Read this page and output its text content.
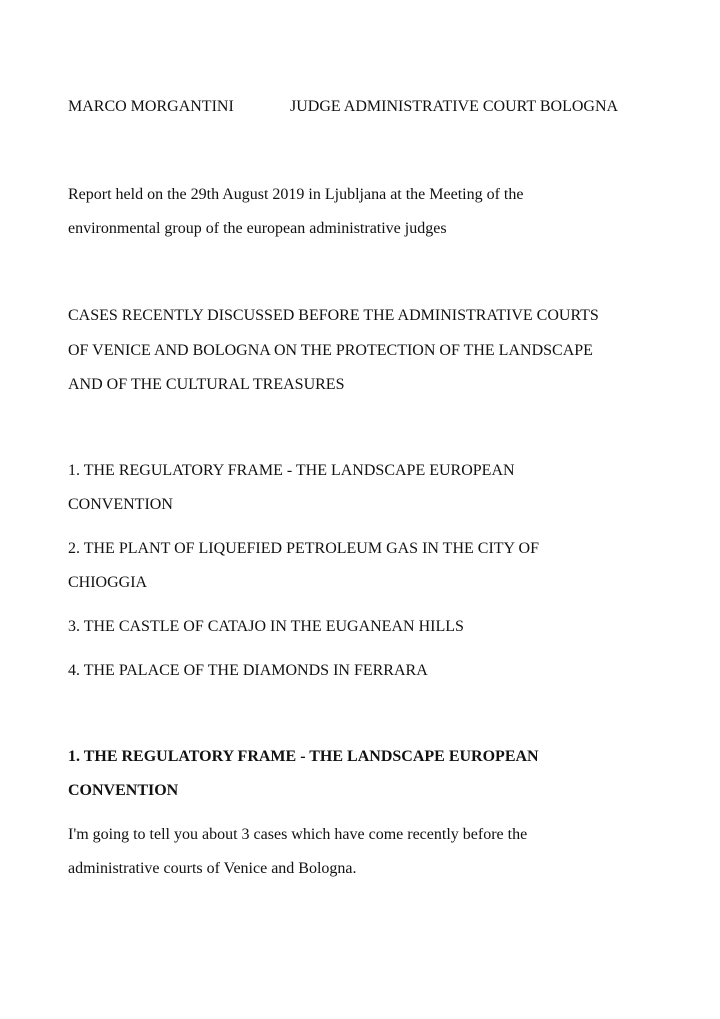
MARCO MORGANTINI	JUDGE ADMINISTRATIVE COURT BOLOGNA
Report held on the 29th August 2019 in Ljubljana at the Meeting of the
environmental group of the european administrative judges
CASES RECENTLY DISCUSSED BEFORE THE ADMINISTRATIVE COURTS
OF VENICE AND BOLOGNA ON THE PROTECTION OF THE LANDSCAPE
AND OF THE CULTURAL TREASURES
1. THE REGULATORY FRAME - THE LANDSCAPE EUROPEAN
CONVENTION
2. THE PLANT OF LIQUEFIED PETROLEUM GAS IN THE CITY OF
CHIOGGIA
3. THE CASTLE OF CATAJO IN THE EUGANEAN HILLS
4. THE PALACE OF THE DIAMONDS IN FERRARA
1. THE REGULATORY FRAME - THE LANDSCAPE EUROPEAN
CONVENTION
I'm going to tell you about 3 cases which have come recently before the
administrative courts of Venice and Bologna.
